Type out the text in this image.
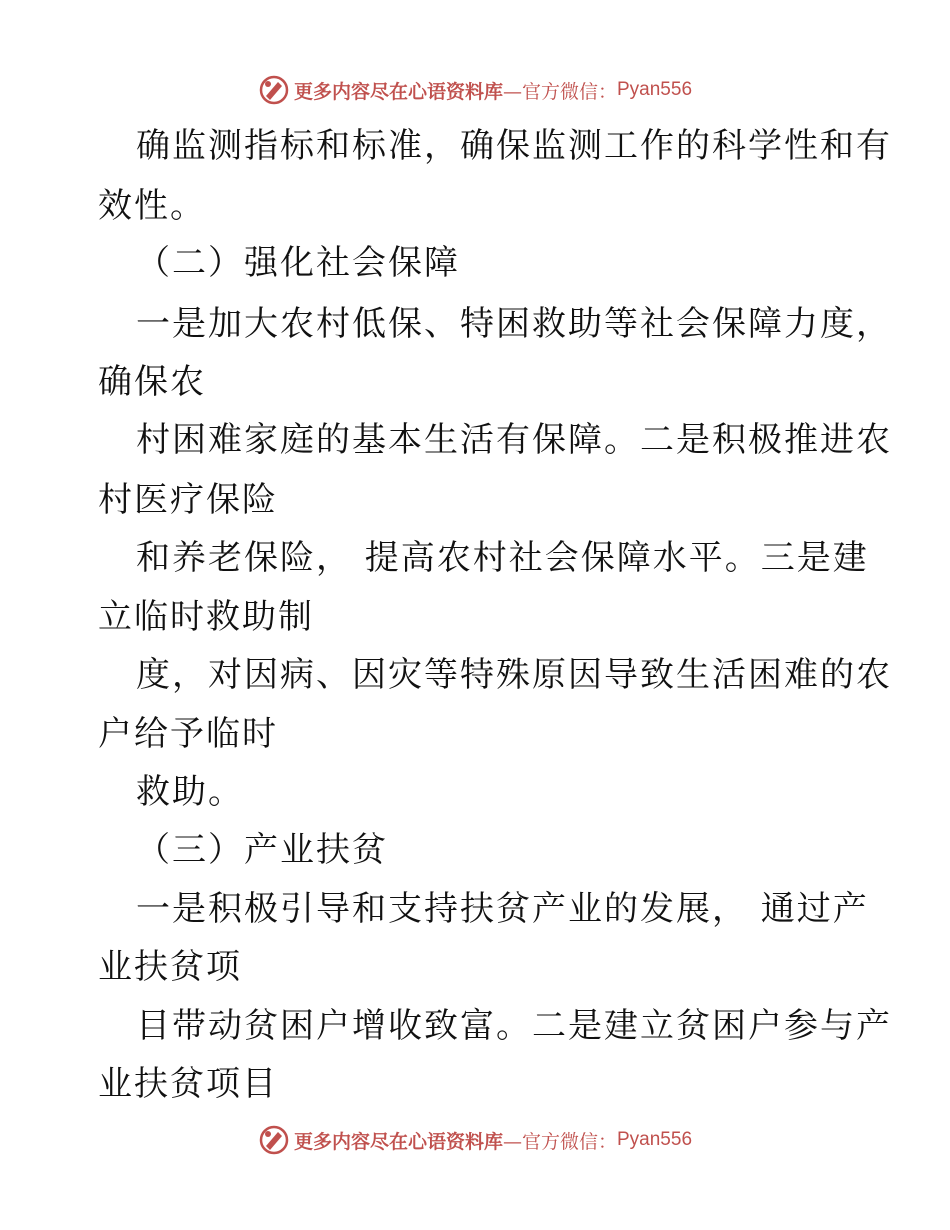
更多内容尽在心语资料库 —官方微信： Pyan556
确监测指标和标准，确保监测工作的科学性和有
效性。
（二）强化社会保障
一是加大农村低保、特困救助等社会保障力度，
确保农
村困难家庭的基本生活有保障。二是积极推进农
村医疗保险
和养老保险， 提高农村社会保障水平。三是建
立临时救助制
度，对因病、因灾等特殊原因导致生活困难的农
户给予临时
救助。
（三）产业扶贫
一是积极引导和支持扶贫产业的发展， 通过产
业扶贫项
目带动贫困户增收致富。二是建立贫困户参与产
业扶贫项目
更多内容尽在心语资料库 —官方微信： Pyan556
